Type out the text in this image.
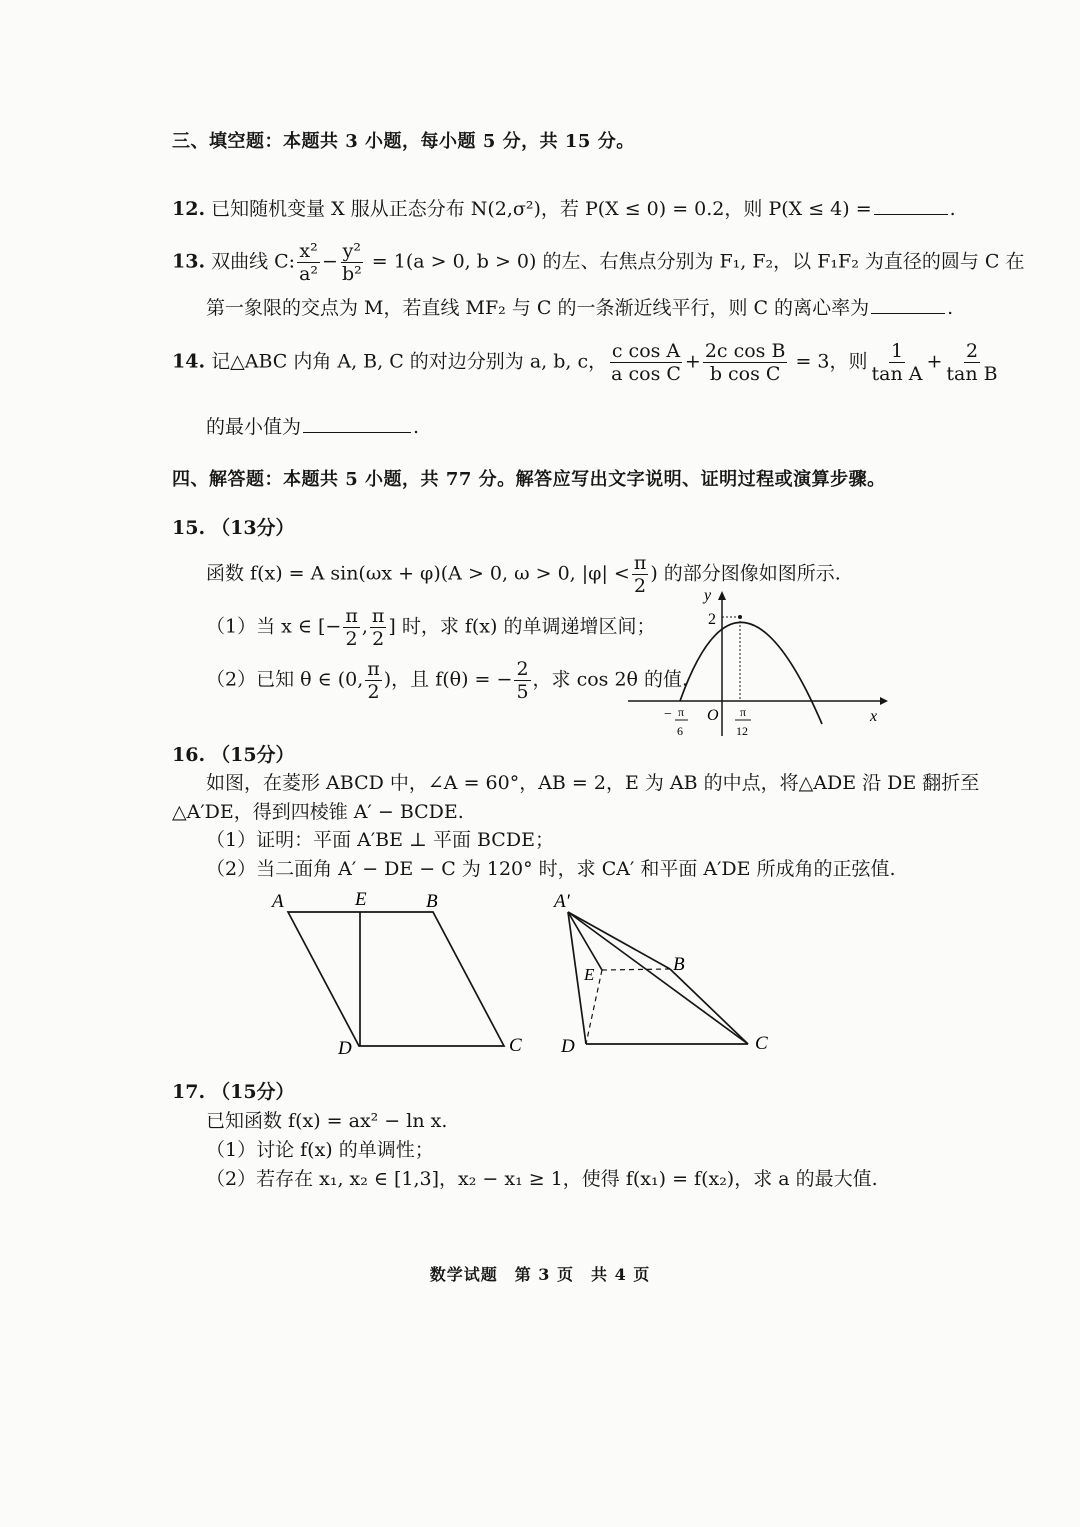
三、填空题：本题共 3 小题，每小题 5 分，共 15 分。
12. 已知随机变量 X 服从正态分布 N(2,σ²)，若 P(X ≤ 0) = 0.2，则 P(X ≤ 4) =	.
13. 双曲线 C: $\frac{\text{x²}}{\text{a²}} - \frac{\text{y²}}{\text{b²}} = 1(a > 0$, b > 0) 的左、右焦点分别为 F₁, F₂，以 F₁F₂ 为直径的圆与 C 在
第一象限的交点为 M，若直线 MF₂ 与 C 的一条渐近线平行，则 C 的离心率为	.
14. 记△ABC 内角 A, B, C 的对边分别为 a, b, c， $\frac{\text{c cos A}}{\text{a cos C}} + \frac{\text{2c cos B}}{\text{b cos C}} = 3$，则 $\frac{1}{\text{tan A}} + \frac{2}{\text{tan B}}$
的最小值为	.
四、解答题：本题共 5 小题，共 77 分。解答应写出文字说明、证明过程或演算步骤。
15. （13分）
函数 f(x) = A sin(ωx + φ)(A > 0, ω > 0, $|\varphi| < \frac{\pi}{2}$ ) 的部分图像如图所示.
（1）当 x ∈ [− $\frac{\pi}{2}$ , $\frac{\pi}{2}$ ] 时，求 f(x) 的单调递增区间；
（2）已知 θ ∈ (0, $\frac{\pi}{2}$ )，且 f(θ) = − $\frac{2}{5}$ ，求 cos 2θ 的值.
y
x
O
2
− π
6
π
12
16. （15分）
如图，在菱形 ABCD 中，∠A = 60°，AB = 2，E 为 AB 的中点，将△ADE 沿 DE 翻折至
△A′DE，得到四棱锥 A′ − BCDE.
（1）证明：平面 A′BE ⊥ 平面 BCDE；
（2）当二面角 A′ − DE − C 为 120° 时，求 CA′ 和平面 A′DE 所成角的正弦值.
A	E	B
D	C
A′
E	B
D	C
17. （15分）
已知函数 f(x) = ax² − ln x.
（1）讨论 f(x) 的单调性；
（2）若存在 x₁, x₂ ∈ [1,3]，x₂ − x₁ ≥ 1，使得 f(x₁) = f(x₂)，求 a 的最大值.
数学试题　第 3 页　共 4 页
